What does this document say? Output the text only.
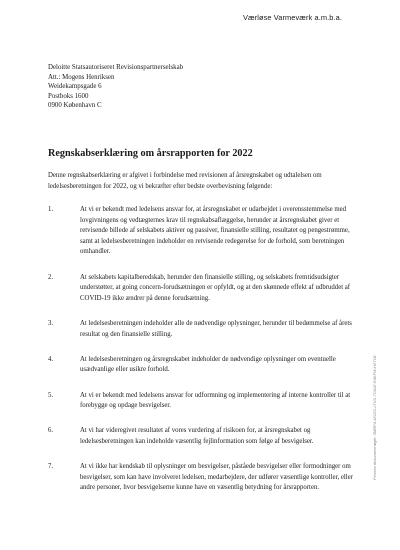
Værløse Varmeværk a.m.b.a.
Deloitte Statsautoriseret Revisionspartnerselskab
Att.: Mogens Henriksen
Weidekampsgade 6
Postboks 1600
0900 København C
Regnskabserklæring om årsrapporten for 2022
Denne regnskabserklæring er afgivet i forbindelse med revisionen af årsregnskabet og udtalelsen om ledelsesberetningen for 2022, og vi bekræfter efter bedste overbevisning følgende:
1.	At vi er bekendt med ledelsens ansvar for, at årsregnskabet er udarbejdet i overensstemmelse med lovgivningens og vedtægternes krav til regnskabsaflæggelse, herunder at årsregnskabet giver et retvisende billede af selskabets aktiver og passiver, finansielle stilling, resultatet og pengestrømme, samt at ledelsesberetningen indeholder en retvisende redegørelse for de forhold, som beretningen omhandler.
2.	At selskabets kapitalberedskab, herunder den finansielle stilling, og selskabets fremtidsudsigter understøtter, at going concern-forudsætningen er opfyldt, og at den skønnede effekt af udbruddet af COVID-19 ikke ændrer på denne forudsætning.
3.	At ledelsesberetningen indeholder alle de nødvendige oplysninger, herunder til bedømmelse af årets resultat og den finansielle stilling.
4.	At ledelsesberetningen og årsregnskabet indeholder de nødvendige oplysninger om eventuelle usædvanlige eller usikre forhold.
5.	At vi er bekendt med ledelsens ansvar for udformning og implementering af interne kontroller til at forebygge og opdage besvigelser.
6.	At vi har videregivet resultatet af vores vurdering af risikoen for, at årsregnskabet og ledelsesberetningen kan indeholde væsentlig fejlinformation som følge af besvigelser.
7.	At vi ikke har kendskab til oplysninger om besvigelser, påståede besvigelser eller formodninger om besvigelser, som kan have involveret ledelsen, medarbejdere, der udfører væsentlige kontroller, eller andre personer, hvor besvigelserne kunne have en væsentlig betydning for årsrapporten.
Penneo dokumentnøgle: 3MBP4-1K22X-LTVX-7O0AT-R4KFW-H2T1B
